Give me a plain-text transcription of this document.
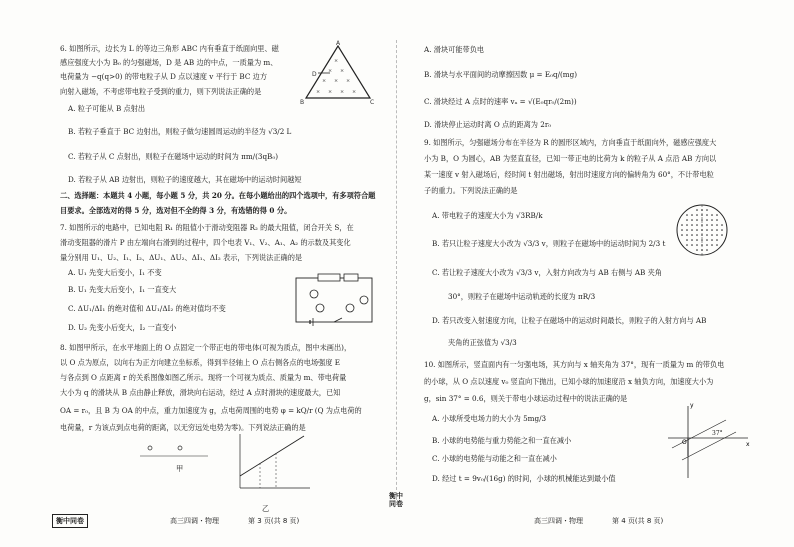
6. 如图所示，边长为 L 的等边三角形 ABC 内有垂直于纸面向里、磁
感应强度大小为 B₀ 的匀强磁场，D 是 AB 边的中点，一质量为 m、
电荷量为 −q(q>0) 的带电粒子从 D 点以速度 v 平行于 BC 边方
向射入磁场，不考虑带电粒子受到的重力，则下列说法正确的是
A. 粒子可能从 B 点射出
B. 若粒子垂直于 BC 边射出，则粒子做匀速圆周运动的半径为 √3/2 L
C. 若粒子从 C 点射出，则粒子在磁场中运动的时间为 πm/(3qB₀)
D. 若粒子从 AB 边射出，则粒子的速度越大，其在磁场中的运动时间越短
A
B	C
D
×
× ×
× × ×
× × × ×
二、选择题：本题共 4 小题，每小题 5 分，共 20 分。在每小题给出的四个选项中，有多项符合题
目要求。全部选对的得 5 分，选对但不全的得 3 分，有选错的得 0 分。
7. 如图所示的电路中，已知电阻 R₁ 的阻值小于滑动变阻器 R₂ 的最大阻值，闭合开关 S，在
滑动变阻器的滑片 P 由左端向右滑到的过程中，四个电表 V₁、V₂、A₁、A₂ 的示数及其变化
量分别用 U₁、U₂、I₁、I₂、ΔU₁、ΔU₂、ΔI₁、ΔI₂ 表示，下列说法正确的是
A. U₁ 先变大后变小，I₁ 不变
B. U₁ 先变大后变小，I₁ 一直变大
C. ΔU₁/ΔI₁ 的绝对值和 ΔU₁/ΔI₂ 的绝对值均不变
D. U₂ 先变小后变大，I₂ 一直变小
8. 如图甲所示，在水平地面上的 O 点固定一个带正电的带电体(可视为质点，图中未画出)，
以 O 点为原点，以向右为正方向建立坐标系，得到半径轴上 O 点右侧各点的电场强度 E
与各点到 O 点距离 r 的关系图像如图乙所示。现将一个可视为质点、质量为 m、带电荷量
大小为 q 的滑块从 B 点由静止释放，滑块向右运动，经过 A 点时滑块的速度最大，已知
OA = r₀，且 B 为 OA 的中点，重力加速度为 g，点电荷周围的电势 φ = kQ/r (Q 为点电荷的
电荷量，r 为该点到点电荷的距离，以无穷远处电势为零)。下列说法正确的是
甲
乙
衡中同卷	高三四调・物理	第 3 页(共 8 页)
衡中同卷
A. 滑块可能带负电
B. 滑块与水平面间的动摩擦因数 μ = E₀q/(mg)
C. 滑块经过 A 点时的速率 vₐ = √(E₀qr₀/(2m))
D. 滑块停止运动时离 O 点的距离为 2r₀
9. 如图所示，匀强磁场分布在半径为 R 的圆形区域内，方向垂直于纸面向外，磁感应强度大
小为 B，O 为圆心，AB 为竖直直径，已知一带正电的比荷为 k 的粒子从 A 点沿 AB 方向以
某一速度 v 射入磁场后，经时间 t 射出磁场，射出时速度方向的偏转角为 60°，不计带电粒
子的重力。下列说法正确的是
A. 带电粒子的速度大小为 √3RB/k
B. 若只让粒子速度大小改为 √3/3 v，则粒子在磁场中的运动时间为 2/3 t
C. 若让粒子速度大小改为 √3/3 v，入射方向改为与 AB 右侧与 AB 夹角
30°，则粒子在磁场中运动轨迹的长度为 πR/3
D. 若只改变入射速度方向，让粒子在磁场中的运动时间最长，则粒子的入射方向与 AB
夹角的正弦值为 √3/3
10. 如图所示，竖直面内有一匀强电场，其方向与 x 轴夹角为 37°，现有一质量为 m 的带负电
的小球，从 O 点以速度 v₀ 竖直向下抛出，已知小球的加速度沿 x 轴负方向，加速度大小为
g，sin 37° = 0.6，则关于带电小球运动过程中的说法正确的是
A. 小球所受电场力的大小为 5mg/3
B. 小球的电势能与重力势能之和一直在减小
C. 小球的电势能与动能之和一直在减小
D. 经过 t = 9v₀/(16g) 的时间，小球的机械能达到最小值
y
x
O
37°
高三四调・物理	第 4 页(共 8 页)
